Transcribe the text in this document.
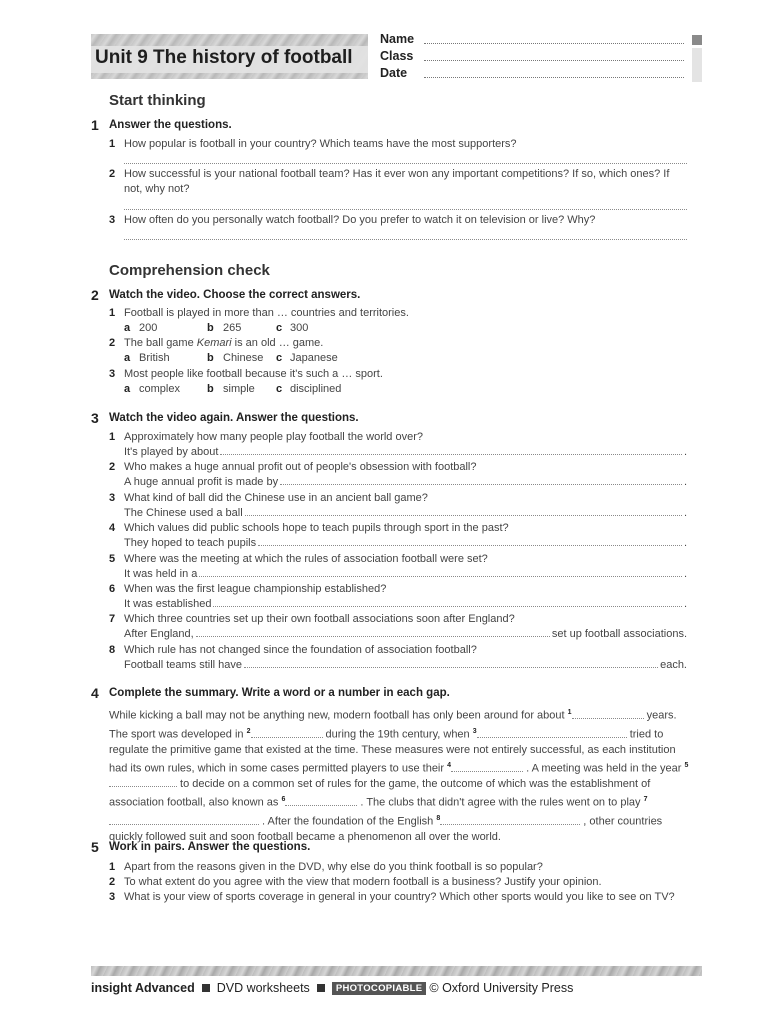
Unit 9 The history of football
Name
Class
Date
Start thinking
1 Answer the questions.
1 How popular is football in your country? Which teams have the most supporters?
2 How successful is your national football team? Has it ever won any important competitions? If so, which ones? If not, why not?
3 How often do you personally watch football? Do you prefer to watch it on television or live? Why?
Comprehension check
2 Watch the video. Choose the correct answers.
1 Football is played in more than … countries and territories.
a 200	b 265	c 300
2 The ball game Kemari is an old … game.
a British	b Chinese c Japanese
3 Most people like football because it's such a … sport.
a complex b simple c disciplined
3 Watch the video again. Answer the questions.
1 Approximately how many people play football the world over?
It's played by about	.
2 Who makes a huge annual profit out of people's obsession with football?
A huge annual profit is made by	.
3 What kind of ball did the Chinese use in an ancient ball game?
The Chinese used a ball	.
4 Which values did public schools hope to teach pupils through sport in the past?
They hoped to teach pupils	.
5 Where was the meeting at which the rules of association football were set?
It was held in a	.
6 When was the first league championship established?
It was established	.
7 Which three countries set up their own football associations soon after England?
After England,	set up football associations.
8 Which rule has not changed since the foundation of association football?
Football teams still have	each.
4 Complete the summary. Write a word or a number in each gap.
While kicking a ball may not be anything new, modern football has only been around for about $^1$	years. The sport was developed in $^2$	during the 19th century, when $^3$	tried to regulate the primitive game that existed at the time. These measures were not entirely successful, as each institution had its own rules, which in some cases permitted players to use their $^4$	. A meeting was held in the year $^5$ to decide on a common set of rules for the game, the outcome of which was the establishment of association football, also known as $^6$	. The clubs that didn't agree with the rules went on to play $^7$ . After the foundation of the English $^8$	, other countries quickly followed suit and soon football became a phenomenon all over the world.
5 Work in pairs. Answer the questions.
1 Apart from the reasons given in the DVD, why else do you think football is so popular?
2 To what extent do you agree with the view that modern football is a business? Justify your opinion.
3 What is your view of sports coverage in general in your country? Which other sports would you like to see on TV?
insight Advanced DVD worksheets	PHOTOCOPIABLE © Oxford University Press
